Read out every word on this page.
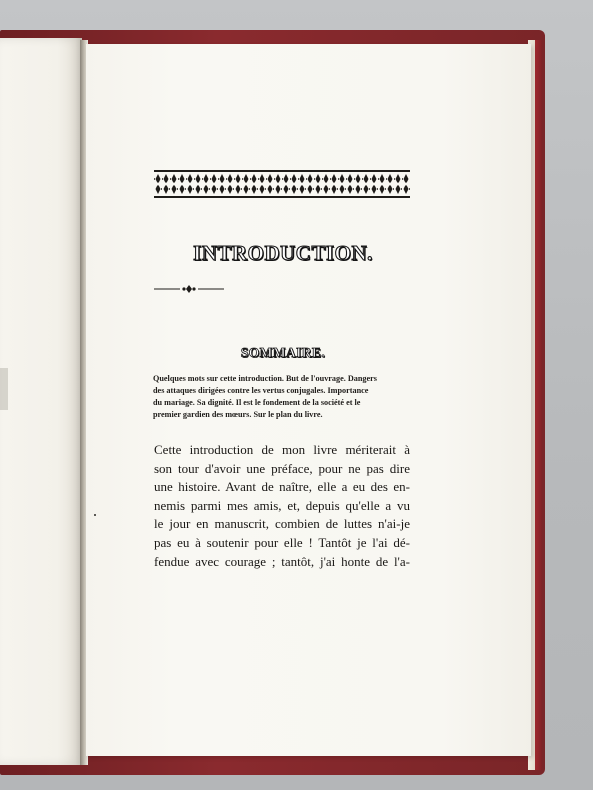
INTRODUCTION.
SOMMAIRE.
Quelques mots sur cette introduction. But de l'ouvrage. Dangers
des attaques dirigées contre les vertus conjugales. Importance
du mariage. Sa dignité. Il est le fondement de la société et le
premier gardien des mœurs. Sur le plan du livre.
Cette introduction de mon livre mériterait à
son tour d'avoir une préface, pour ne pas dire
une histoire. Avant de naître, elle a eu des en-
nemis parmi mes amis, et, depuis qu'elle a vu
le jour en manuscrit, combien de luttes n'ai-je
pas eu à soutenir pour elle ! Tantôt je l'ai dé-
fendue avec courage ; tantôt, j'ai honte de l'a-
